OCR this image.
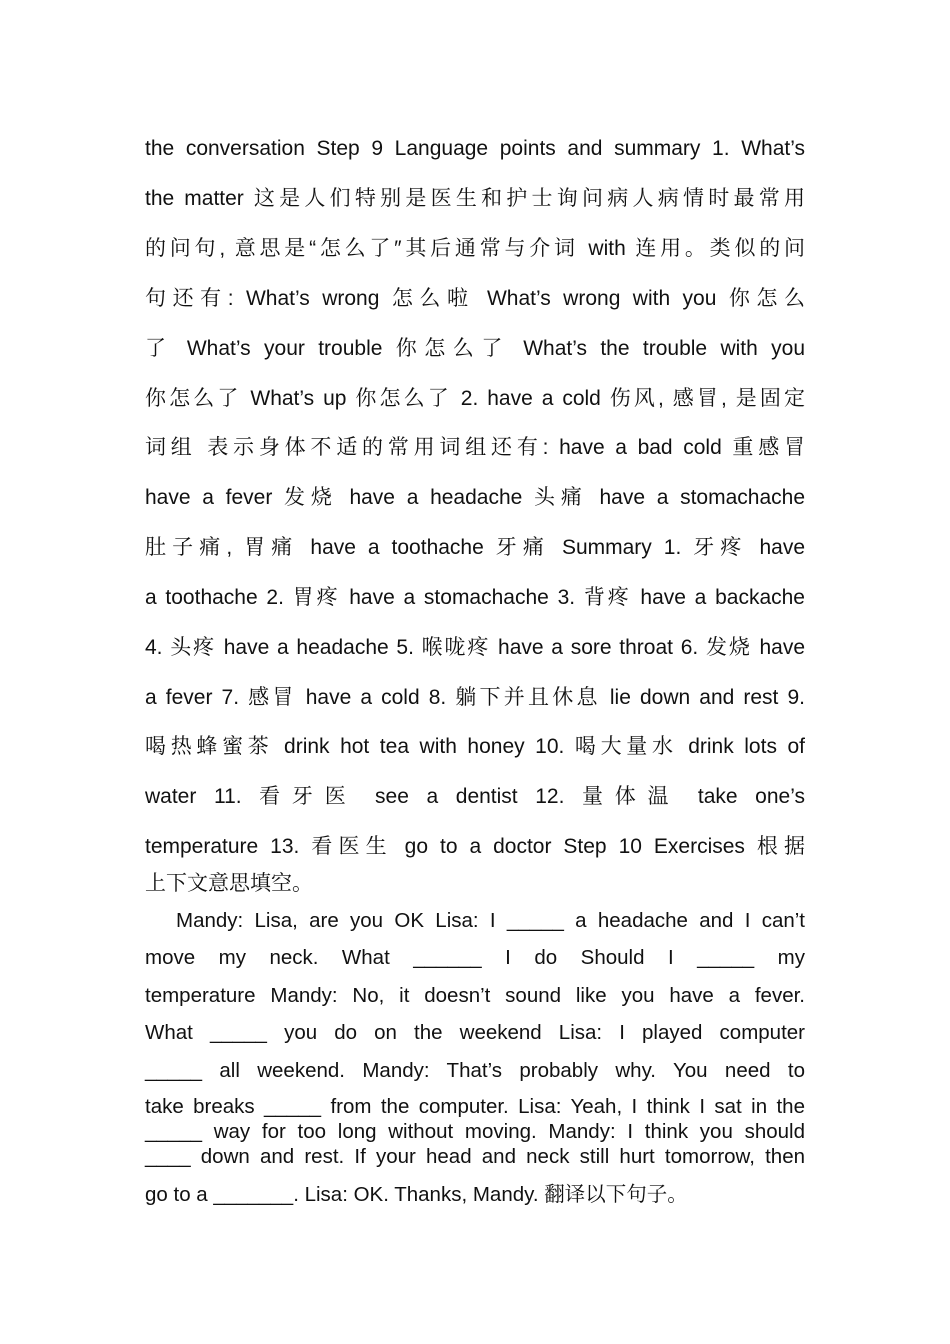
the conversation Step 9 Language points and summary 1. What’s
the matter 这是人们特别是医生和护士询问病人病情时最常用
的问句, 意思是“怎么了″其后通常与介词 with 连用。类似的问
句还有: What’s wrong 怎么啦 What’s wrong with you 你怎么
了 What’s your trouble 你怎么了 What’s the trouble with you
你怎么了 What’s up 你怎么了 2. have a cold 伤风, 感冒, 是固定
词组 表示身体不适的常用词组还有: have a bad cold 重感冒
have a fever 发烧 have a headache 头痛 have a stomachache
肚子痛, 胃痛 have a toothache 牙痛 Summary 1. 牙疼 have
a toothache 2. 胃疼 have a stomachache 3. 背疼 have a backache
4. 头疼 have a headache 5. 喉咙疼 have a sore throat 6. 发烧 have
a fever 7. 感冒 have a cold 8. 躺下并且休息 lie down and rest 9.
喝热蜂蜜茶 drink hot tea with honey 10. 喝大量水 drink lots of
water 11. 看牙医 see a dentist 12. 量体温 take one’s
temperature 13. 看医生 go to a doctor Step 10 Exercises 根据
上下文意思填空。
Mandy: Lisa, are you OK Lisa: I _____ a headache and I can’t
move my neck. What ______ I do Should I _____ my
temperature Mandy: No, it doesn’t sound like you have a fever.
What _____ you do on the weekend Lisa: I played computer
_____ all weekend. Mandy: That’s probably why. You need to
take breaks _____ from the computer. Lisa: Yeah, I think I sat in the
_____ way for too long without moving. Mandy: I think you should
____ down and rest. If your head and neck still hurt tomorrow, then
go to a _______. Lisa: OK. Thanks, Mandy. 翻译以下句子。
